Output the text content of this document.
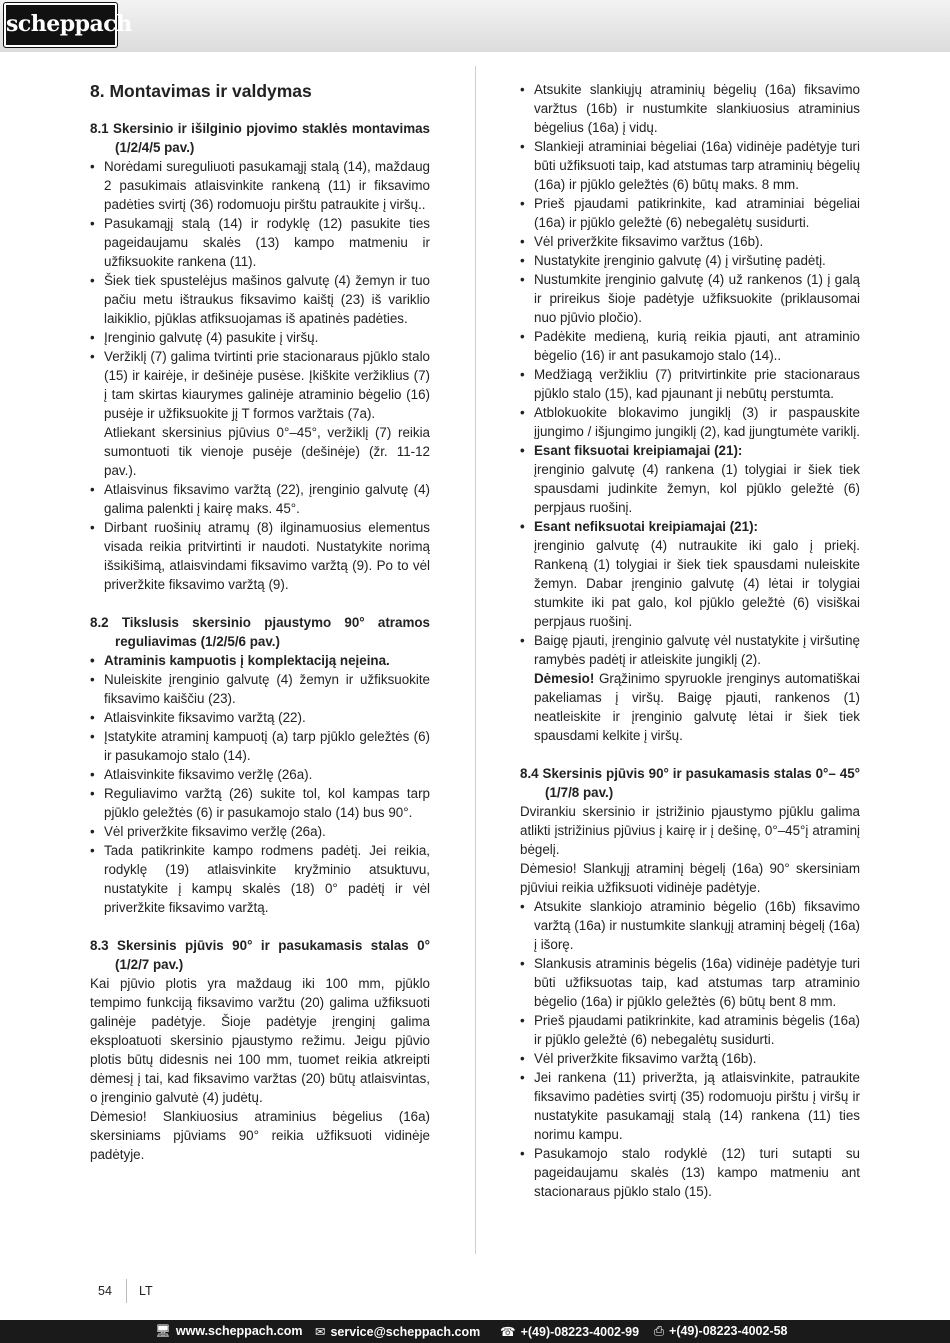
scheppach
8. Montavimas ir valdymas
8.1 Skersinio ir išilginio pjovimo staklės montavimas (1/2/4/5 pav.)
• Norėdami sureguliuoti pasukamąjį stalą (14), maždaug 2 pasukimais atlaisvinkite rankeną (11) ir fiksavimo padėties svirtį (36) rodomuoju pirštu patraukite į viršų..
• Pasukamąjį stalą (14) ir rodyklę (12) pasukite ties pageidaujamu skalės (13) kampo matmeniu ir užfiksuokite rankena (11).
• Šiek tiek spustelėjus mašinos galvutę (4) žemyn ir tuo pačiu metu ištraukus fiksavimo kaištį (23) iš variklio laikiklio, pjūklas atfiksuojamas iš apatinės padėties.
• Įrenginio galvutę (4) pasukite į viršų.
• Veržiklį (7) galima tvirtinti prie stacionaraus pjūklo stalo (15) ir kairėje, ir dešinėje pusėse. Įkiškite veržiklius (7) į tam skirtas kiaurymes galinėje atraminio bėgelio (16) pusėje ir užfiksuokite jį T formos varžtais (7a).
Atliekant skersinius pjūvius 0°–45°, veržiklį (7) reikia sumontuoti tik vienoje pusėje (dešinėje) (žr. 11-12 pav.).
• Atlaisvinus fiksavimo varžtą (22), įrenginio galvutę (4) galima palenkti į kairę maks. 45°.
• Dirbant ruošinių atramų (8) ilginamuosius elementus visada reikia pritvirtinti ir naudoti. Nustatykite norimą išsikišimą, atlaisvindami fiksavimo varžtą (9). Po to vėl priveržkite fiksavimo varžtą (9).
8.2 Tikslusis skersinio pjaustymo 90° atramos reguliavimas (1/2/5/6 pav.)
• Atraminis kampuotis į komplektaciją neįeina.
• Nuleiskite įrenginio galvutę (4) žemyn ir užfiksuokite fiksavimo kaiščiu (23).
• Atlaisvinkite fiksavimo varžtą (22).
• Įstatykite atraminį kampuotį (a) tarp pjūklo geležtės (6) ir pasukamojo stalo (14).
• Atlaisvinkite fiksavimo veržlę (26a).
• Reguliavimo varžtą (26) sukite tol, kol kampas tarp pjūklo geležtės (6) ir pasukamojo stalo (14) bus 90°.
• Vėl priveržkite fiksavimo veržlę (26a).
• Tada patikrinkite kampo rodmens padėtį. Jei reikia, rodyklę (19) atlaisvinkite kryžminio atsuktuvu, nustatykite į kampų skalės (18) 0° padėtį ir vėl priveržkite fiksavimo varžtą.
8.3 Skersinis pjūvis 90° ir pasukamasis stalas 0° (1/2/7 pav.)

Kai pjūvio plotis yra maždaug iki 100 mm, pjūklo tempimo funkciją fiksavimo varžtu (20) galima užfiksuoti galinėje padėtyje. Šioje padėtyje įrenginį galima eksploatuoti skersinio pjaustymo režimu. Jeigu pjūvio plotis būtų didesnis nei 100 mm, tuomet reikia atkreipti dėmesį į tai, kad fiksavimo varžtas (20) būtų atlaisvintas, o įrenginio galvutė (4) judėtų.

Dėmesio! Slankiuosius atraminius bėgelius (16a) skersiniams pjūviams 90° reikia užfiksuoti vidinėje padėtyje.

• Atsukite slankiųjų atraminių bėgelių (16a) fiksavimo varžtus (16b) ir nustumkite slankiuosius atraminius bėgelius (16a) į vidų.
• Slankieji atraminiai bėgeliai (16a) vidinėje padėtyje turi būti užfiksuoti taip, kad atstumas tarp atraminių bėgelių (16a) ir pjūklo geležtės (6) būtų maks. 8 mm.
• Prieš pjaudami patikrinkite, kad atraminiai bėgeliai (16a) ir pjūklo geležtė (6) nebegalėtų susidurti.
• Vėl priveržkite fiksavimo varžtus (16b).
• Nustatykite įrenginio galvutę (4) į viršutinę padėtį.
• Nustumkite įrenginio galvutę (4) už rankenos (1) į galą ir prireikus šioje padėtyje užfiksuokite (priklausomai nuo pjūvio pločio).
• Padėkite medieną, kurią reikia pjauti, ant atraminio bėgelio (16) ir ant pasukamojo stalo (14)..
• Medžiagą veržikliu (7) pritvirtinkite prie stacionaraus pjūklo stalo (15), kad pjaunant ji nebūtų perstumta.
• Atblokuokite blokavimo jungiklį (3) ir paspauskite įjungimo / išjungimo jungiklį (2), kad įjungtumėte variklį.
• Esant fiksuotai kreipiamajai (21):
įrenginio galvutę (4) rankena (1) tolygiai ir šiek tiek spausdami judinkite žemyn, kol pjūklo geležtė (6) perpjaus ruošinį.
• Esant nefiksuotai kreipiamajai (21):
įrenginio galvutę (4) nutraukite iki galo į priekį. Rankeną (1) tolygiai ir šiek tiek spausdami nuleiskite žemyn. Dabar įrenginio galvutę (4) lėtai ir tolygiai stumkite iki pat galo, kol pjūklo geležtė (6) visiškai perpjaus ruošinį.
• Baigę pjauti, įrenginio galvutę vėl nustatykite į viršutinę ramybės padėtį ir atleiskite jungiklį (2).
Dėmesio! Grąžinimo spyruokle įrenginys automatiškai pakeliamas į viršų. Baigę pjauti, rankenos (1) neatleiskite ir įrenginio galvutę lėtai ir šiek tiek spausdami kelkite į viršų.
8.4 Skersinis pjūvis 90° ir pasukamasis stalas 0°– 45° (1/7/8 pav.)

Dvirankiu skersinio ir įstrižinio pjaustymo pjūklu galima atlikti įstrižinius pjūvius į kairę ir į dešinę, 0°–45°į atraminį bėgelį.

Dėmesio! Slankųjį atraminį bėgelį (16a) 90° skersiniam pjūviui reikia užfiksuoti vidinėje padėtyje.

• Atsukite slankiojo atraminio bėgelio (16b) fiksavimo varžtą (16a) ir nustumkite slankųjį atraminį bėgelį (16a) į išorę.
• Slankusis atraminis bėgelis (16a) vidinėje padėtyje turi būti užfiksuotas taip, kad atstumas tarp atraminio bėgelio (16a) ir pjūklo geležtės (6) būtų bent 8 mm.
• Prieš pjaudami patikrinkite, kad atraminis bėgelis (16a) ir pjūklo geležtė (6) nebegalėtų susidurti.
• Vėl priveržkite fiksavimo varžtą (16b).
• Jei rankena (11) priveržta, ją atlaisvinkite, patraukite fiksavimo padėties svirtį (35) rodomuoju pirštu į viršų ir nustatykite pasukamąjį stalą (14) rankena (11) ties norimu kampu.
• Pasukamojo stalo rodyklė (12) turi sutapti su pageidaujamu skalės (13) kampo matmeniu ant stacionaraus pjūklo stalo (15).
54 LT
🖥 www.scheppach.com ✉ service@scheppach.com ☎ +(49)-08223-4002-99 ⎙ +(49)-08223-4002-58
